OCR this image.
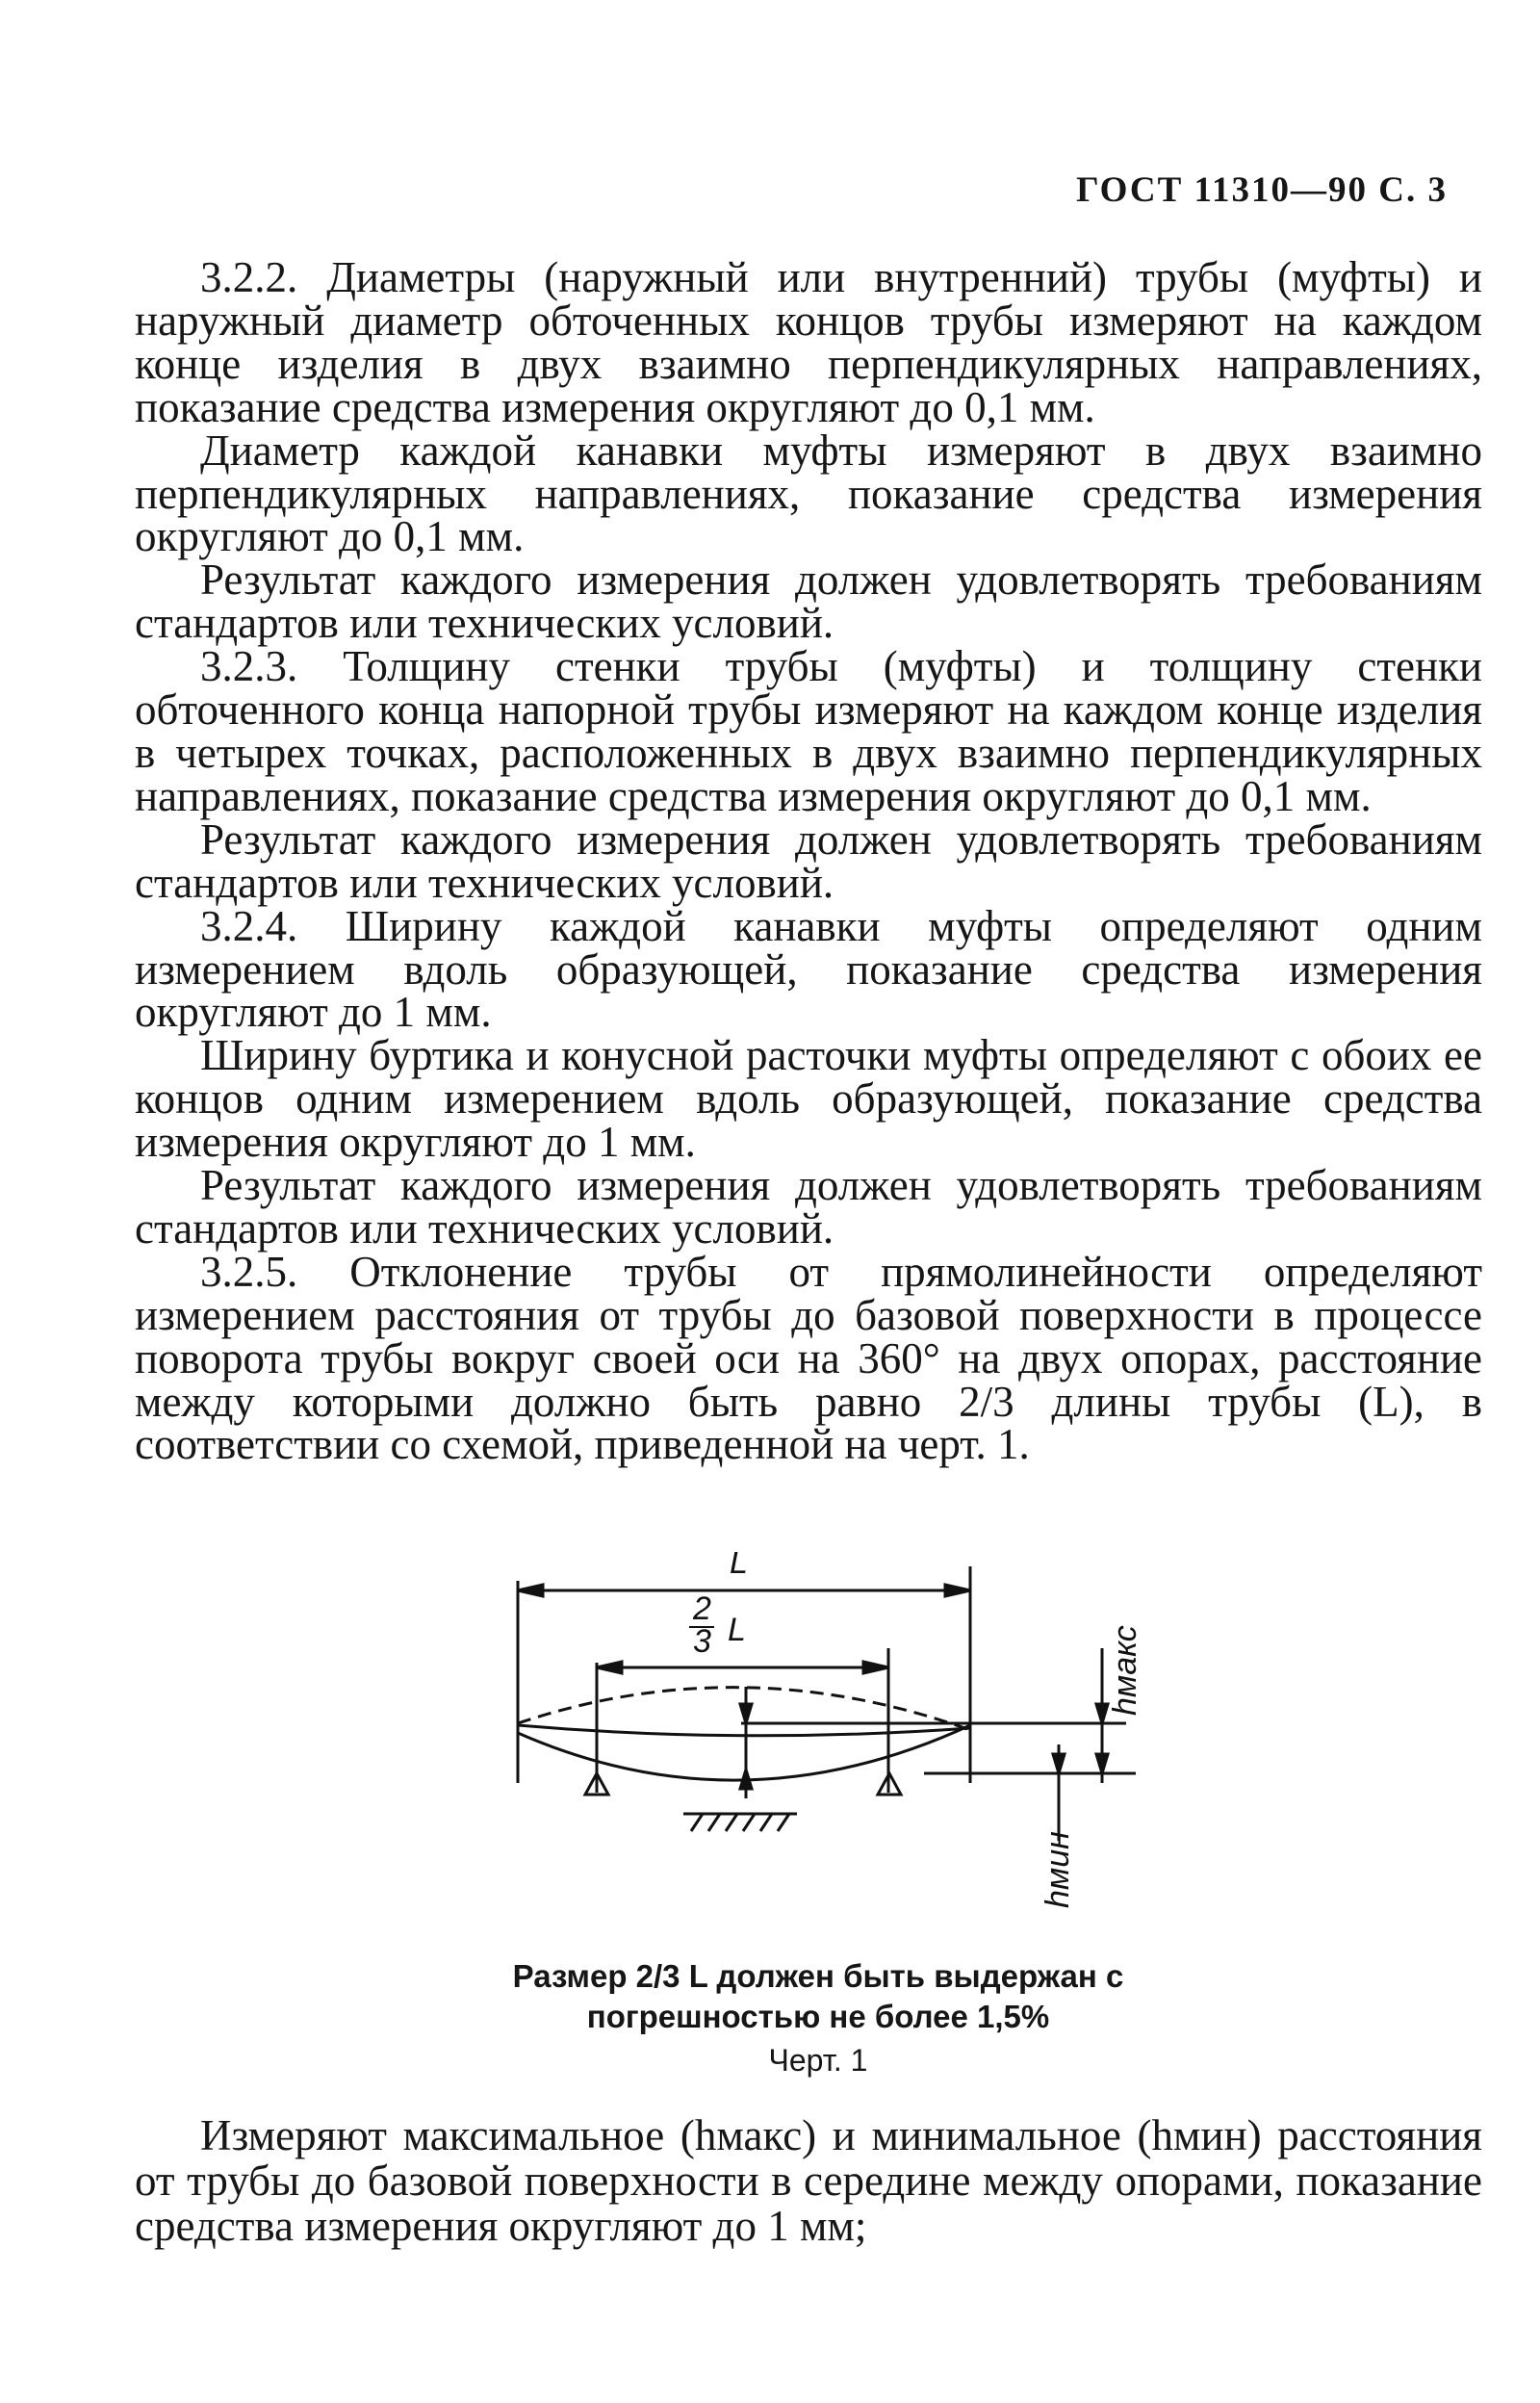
ГОСТ 11310—90 С. 3

3.2.2. Диаметры (наружный или внутренний) трубы (муфты) и наружный диаметр обточенных концов трубы измеряют на каждом конце изделия в двух взаимно перпендикулярных направлениях, показание средства измерения округляют до 0,1 мм.

Диаметр каждой канавки муфты измеряют в двух взаимно перпендикулярных направлениях, показание средства измерения округляют до 0,1 мм.

Результат каждого измерения должен удовлетворять требованиям стандартов или технических условий.

3.2.3. Толщину стенки трубы (муфты) и толщину стенки обточенного конца напорной трубы измеряют на каждом конце изделия в четырех точках, расположенных в двух взаимно перпендикулярных направлениях, показание средства измерения округляют до 0,1 мм.

Результат каждого измерения должен удовлетворять требованиям стандартов или технических условий.

3.2.4. Ширину каждой канавки муфты определяют одним измерением вдоль образующей, показание средства измерения округляют до 1 мм.

Ширину буртика и конусной расточки муфты определяют с обоих ее концов одним измерением вдоль образующей, показание средства измерения округляют до 1 мм.

Результат каждого измерения должен удовлетворять требованиям стандартов или технических условий.

3.2.5. Отклонение трубы от прямолинейности определяют измерением расстояния от трубы до базовой поверхности в процессе поворота трубы вокруг своей оси на 360° на двух опорах, расстояние между которыми должно быть равно 2/3 длины трубы (L), в соответствии со схемой, приведенной на черт. 1.

L
2
3 L	hмакс
hмин
Размер 2/3 L должен быть выдержан с погрешностью не более 1,5%
Черт. 1

Измеряют максимальное (hмакс) и минимальное (hмин) расстояния от трубы до базовой поверхности в середине между опорами, показание средства измерения округляют до 1 мм;
